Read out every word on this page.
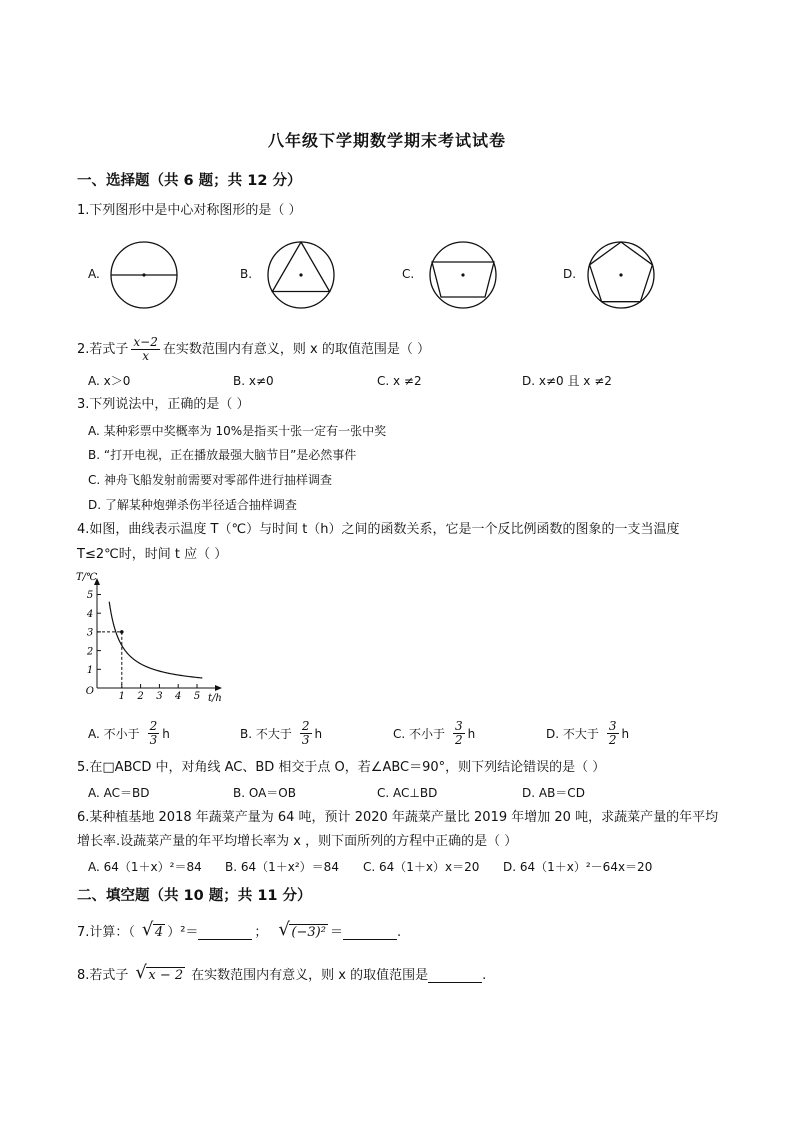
八年级下学期数学期末考试试卷
一、选择题（共 6 题；共 12 分）
1.下列图形中是中心对称图形的是（ ）
A.	B.	C.	D.
2.若式子 $\frac{x-2}{x}$ 在实数范围内有意义，则 x 的取值范围是（ ）
A. x＞0	B. x≠0	C. x ≠2	D. x≠0 且 x ≠2
3.下列说法中，正确的是（ ）
A. 某种彩票中奖概率为 10%是指买十张一定有一张中奖
B. “打开电视，正在播放最强大脑节目”是必然事件
C. 神舟飞船发射前需要对零部件进行抽样调查
D. 了解某种炮弹杀伤半径适合抽样调查
4.如图，曲线表示温度 T（℃）与时间 t（h）之间的函数关系，它是一个反比例函数的图象的一支当温度
T≤2℃时，时间 t 应（ ）
1
2
3
4
5
1 2 3 4 5
O
T/℃
t/h
A. 不小于 $\frac{2}{3}$ h	B. 不大于 $\frac{2}{3}$ h	C. 不小于 $\frac{3}{2}$ h	D. 不大于 $\frac{3}{2}$ h
5.在□ABCD 中，对角线 AC、BD 相交于点 O，若∠ABC＝90°，则下列结论错误的是（ ）
A. AC＝BD	B. OA＝OB	C. AC⊥BD	D. AB＝CD
6.某种植基地 2018 年蔬菜产量为 64 吨，预计 2020 年蔬菜产量比 2019 年增加 20 吨，求蔬菜产量的年平均
增长率.设蔬菜产量的年平均增长率为 x ，则下面所列的方程中正确的是（ ）
A. 64（1＋x）²＝84 B. 64（1＋x²）＝84 C. 64（1＋x）x＝20 D. 64（1＋x）²－64x＝20
二、填空题（共 10 题；共 11 分）
7.计算：（	√ 4 ）²＝	；	√ (−3)² ＝	.
8.若式子	√ x − 2 在实数范围内有意义，则 x 的取值范围是	.
